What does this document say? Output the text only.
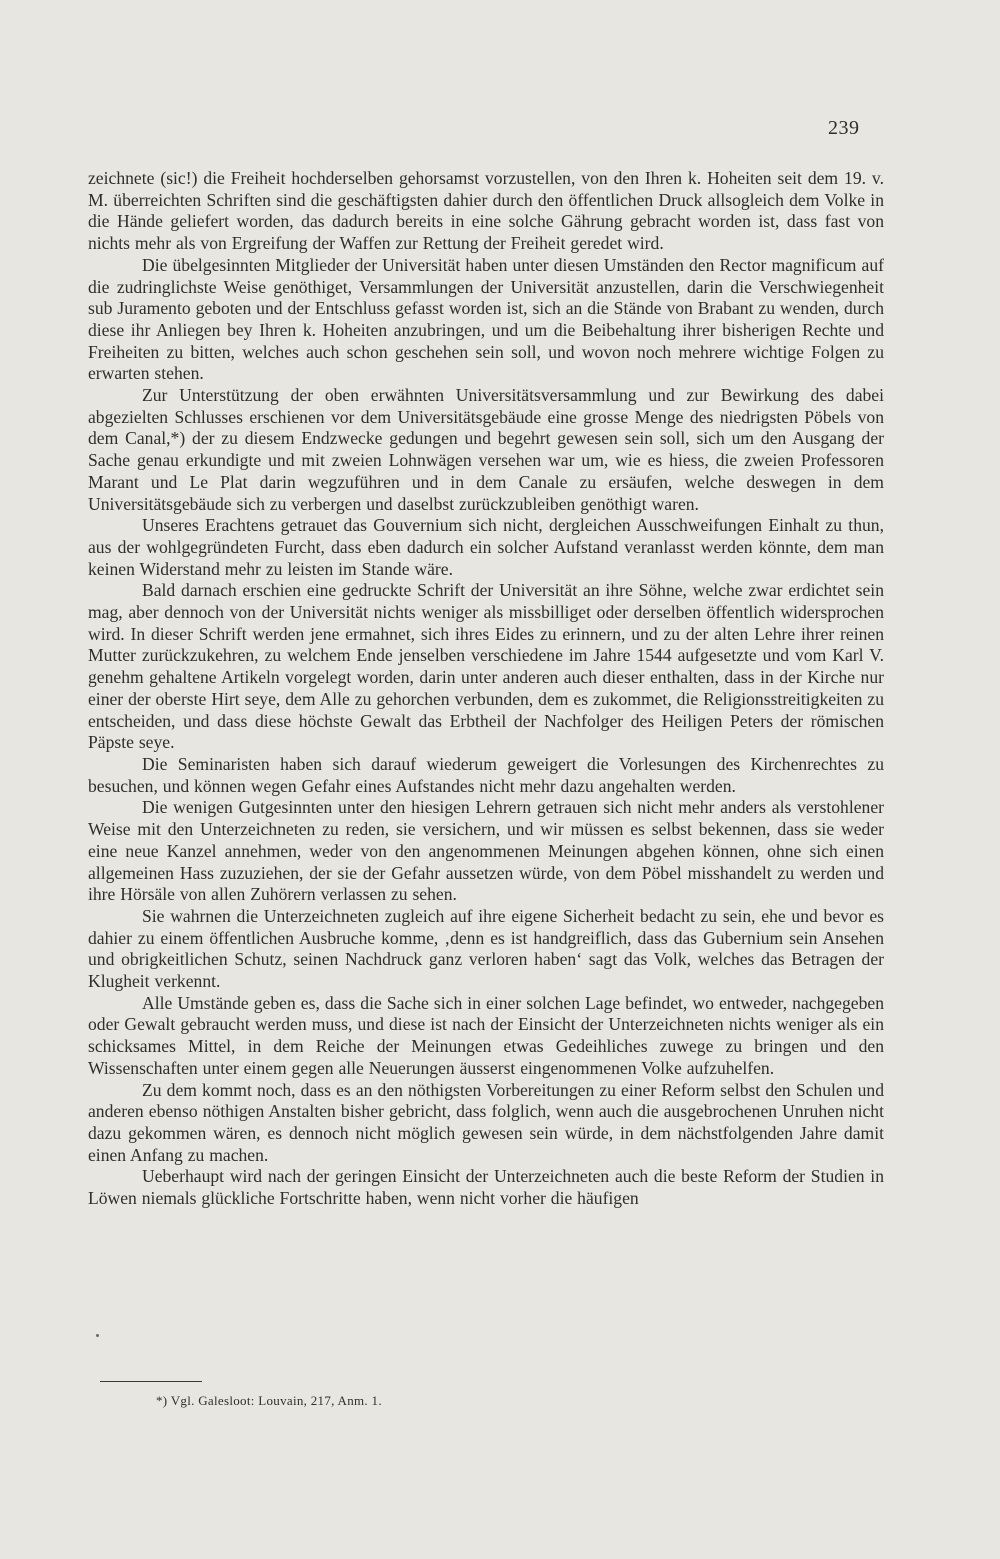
239

zeichnete (sic!) die Freiheit hochderselben gehorsamst vorzustellen, von den Ihren k. Hoheiten seit dem 19. v. M. überreichten Schriften sind die geschäftigsten dahier durch den öffentlichen Druck allsogleich dem Volke in die Hände geliefert worden, das dadurch bereits in eine solche Gährung gebracht worden ist, dass fast von nichts mehr als von Ergreifung der Waffen zur Rettung der Freiheit geredet wird.

Die übelgesinnten Mitglieder der Universität haben unter diesen Umständen den Rector magnificum auf die zudringlichste Weise genöthiget, Versammlungen der Universität anzustellen, darin die Verschwiegenheit sub Juramento geboten und der Entschluss gefasst worden ist, sich an die Stände von Brabant zu wenden, durch diese ihr Anliegen bey Ihren k. Hoheiten anzubringen, und um die Beibehaltung ihrer bisherigen Rechte und Freiheiten zu bitten, welches auch schon geschehen sein soll, und wovon noch mehrere wichtige Folgen zu erwarten stehen.

Zur Unterstützung der oben erwähnten Universitätsversammlung und zur Bewirkung des dabei abgezielten Schlusses erschienen vor dem Universitätsgebäude eine grosse Menge des niedrigsten Pöbels von dem Canal,*) der zu diesem Endzwecke gedungen und begehrt gewesen sein soll, sich um den Ausgang der Sache genau erkundigte und mit zweien Lohnwägen versehen war um, wie es hiess, die zweien Professoren Marant und Le Plat darin wegzuführen und in dem Canale zu ersäufen, welche deswegen in dem Universitätsgebäude sich zu verbergen und daselbst zurückzubleiben genöthigt waren.

Unseres Erachtens getrauet das Gouvernium sich nicht, dergleichen Ausschweifungen Einhalt zu thun, aus der wohlgegründeten Furcht, dass eben dadurch ein solcher Aufstand veranlasst werden könnte, dem man keinen Widerstand mehr zu leisten im Stande wäre.

Bald darnach erschien eine gedruckte Schrift der Universität an ihre Söhne, welche zwar erdichtet sein mag, aber dennoch von der Universität nichts weniger als missbilliget oder derselben öffentlich widersprochen wird. In dieser Schrift werden jene ermahnet, sich ihres Eides zu erinnern, und zu der alten Lehre ihrer reinen Mutter zurückzukehren, zu welchem Ende jenselben verschiedene im Jahre 1544 aufgesetzte und vom Karl V. genehm gehaltene Artikeln vorgelegt worden, darin unter anderen auch dieser enthalten, dass in der Kirche nur einer der oberste Hirt seye, dem Alle zu gehorchen verbunden, dem es zukommet, die Religionsstreitigkeiten zu entscheiden, und dass diese höchste Gewalt das Erbtheil der Nachfolger des Heiligen Peters der römischen Päpste seye.

Die Seminaristen haben sich darauf wiederum geweigert die Vorlesungen des Kirchenrechtes zu besuchen, und können wegen Gefahr eines Aufstandes nicht mehr dazu angehalten werden.

Die wenigen Gutgesinnten unter den hiesigen Lehrern getrauen sich nicht mehr anders als verstohlener Weise mit den Unterzeichneten zu reden, sie versichern, und wir müssen es selbst bekennen, dass sie weder eine neue Kanzel annehmen, weder von den angenommenen Meinungen abgehen können, ohne sich einen allgemeinen Hass zuzuziehen, der sie der Gefahr aussetzen würde, von dem Pöbel misshandelt zu werden und ihre Hörsäle von allen Zuhörern verlassen zu sehen.

Sie wahrnen die Unterzeichneten zugleich auf ihre eigene Sicherheit bedacht zu sein, ehe und bevor es dahier zu einem öffentlichen Ausbruche komme, ‚denn es ist handgreiflich, dass das Gubernium sein Ansehen und obrigkeitlichen Schutz, seinen Nachdruck ganz verloren haben‘ sagt das Volk, welches das Betragen der Klugheit verkennt.

Alle Umstände geben es, dass die Sache sich in einer solchen Lage befindet, wo entweder, nachgegeben oder Gewalt gebraucht werden muss, und diese ist nach der Einsicht der Unterzeichneten nichts weniger als ein schicksames Mittel, in dem Reiche der Meinungen etwas Gedeihliches zuwege zu bringen und den Wissenschaften unter einem gegen alle Neuerungen äusserst eingenommenen Volke aufzuhelfen.

Zu dem kommt noch, dass es an den nöthigsten Vorbereitungen zu einer Reform selbst den Schulen und anderen ebenso nöthigen Anstalten bisher gebricht, dass folglich, wenn auch die ausgebrochenen Unruhen nicht dazu gekommen wären, es dennoch nicht möglich gewesen sein würde, in dem nächstfolgenden Jahre damit einen Anfang zu machen.

Ueberhaupt wird nach der geringen Einsicht der Unterzeichneten auch die beste Reform der Studien in Löwen niemals glückliche Fortschritte haben, wenn nicht vorher die häufigen

*) Vgl. Galesloot: Louvain, 217, Anm. 1.
